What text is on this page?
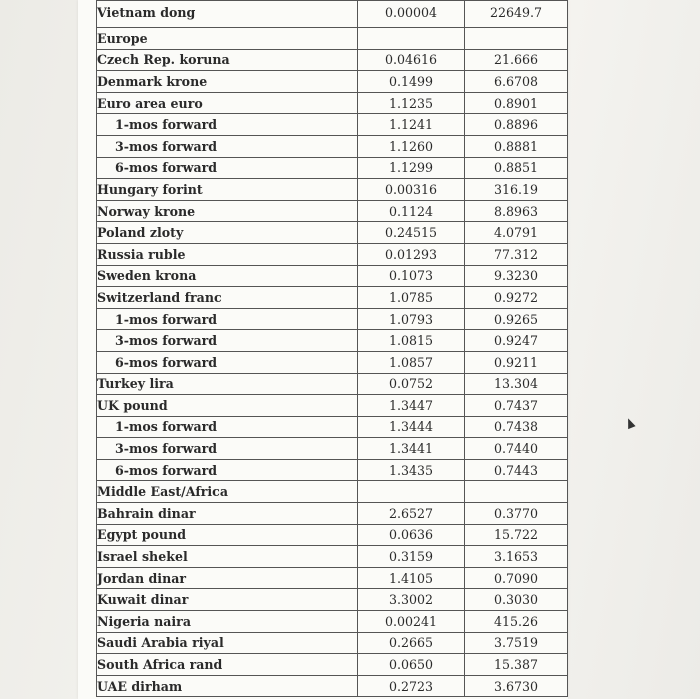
Vietnam dong	0.00004	22649.7
Europe		
Czech Rep. koruna	0.04616	21.666
Denmark krone	0.1499	6.6708
Euro area euro	1.1235	0.8901
1-mos forward	1.1241	0.8896
3-mos forward	1.1260	0.8881
6-mos forward	1.1299	0.8851
Hungary forint	0.00316	316.19
Norway krone	0.1124	8.8963
Poland zloty	0.24515	4.0791
Russia ruble	0.01293	77.312
Sweden krona	0.1073	9.3230
Switzerland franc	1.0785	0.9272
1-mos forward	1.0793	0.9265
3-mos forward	1.0815	0.9247
6-mos forward	1.0857	0.9211
Turkey lira	0.0752	13.304
UK pound	1.3447	0.7437
1-mos forward	1.3444	0.7438
3-mos forward	1.3441	0.7440
6-mos forward	1.3435	0.7443
Middle East/Africa		
Bahrain dinar	2.6527	0.3770
Egypt pound	0.0636	15.722
Israel shekel	0.3159	3.1653
Jordan dinar	1.4105	0.7090
Kuwait dinar	3.3002	0.3030
Nigeria naira	0.00241	415.26
Saudi Arabia riyal	0.2665	3.7519
South Africa rand	0.0650	15.387
UAE dirham	0.2723	3.6730
